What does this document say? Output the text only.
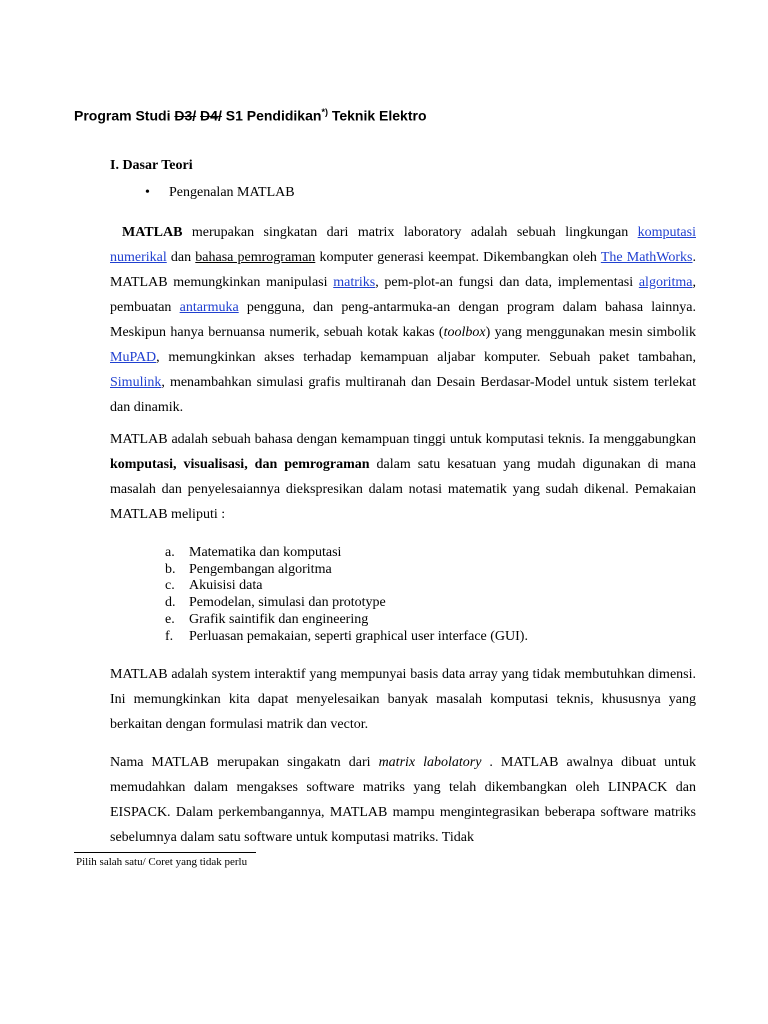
Program Studi D3/ D4/ S1 Pendidikan*) Teknik Elektro
I. Dasar Teori
• Pengenalan MATLAB

MATLAB merupakan singkatan dari matrix laboratory adalah sebuah lingkungan komputasi numerikal dan bahasa pemrograman komputer generasi keempat. Dikembangkan oleh The MathWorks. MATLAB memungkinkan manipulasi matriks, pem-plot-an fungsi dan data, implementasi algoritma, pembuatan antarmuka pengguna, dan peng-antarmuka-an dengan program dalam bahasa lainnya. Meskipun hanya bernuansa numerik, sebuah kotak kakas (toolbox) yang menggunakan mesin simbolik MuPAD, memungkinkan akses terhadap kemampuan aljabar komputer. Sebuah paket tambahan, Simulink, menambahkan simulasi grafis multiranah dan Desain Berdasar-Model untuk sistem terlekat dan dinamik.

MATLAB adalah sebuah bahasa dengan kemampuan tinggi untuk komputasi teknis. Ia menggabungkan komputasi, visualisasi, dan pemrograman dalam satu kesatuan yang mudah digunakan di mana masalah dan penyelesaiannya diekspresikan dalam notasi matematik yang sudah dikenal. Pemakaian MATLAB meliputi :

a. Matematika dan komputasi
b. Pengembangan algoritma
c. Akuisisi data
d. Pemodelan, simulasi dan prototype
e. Grafik saintifik dan engineering
f. Perluasan pemakaian, seperti graphical user interface (GUI).

MATLAB adalah system interaktif yang mempunyai basis data array yang tidak membutuhkan dimensi. Ini memungkinkan kita dapat menyelesaikan banyak masalah komputasi teknis, khususnya yang berkaitan dengan formulasi matrik dan vector.

Nama MATLAB merupakan singakatn dari matrix labolatory . MATLAB awalnya dibuat untuk memudahkan dalam mengakses software matriks yang telah dikembangkan oleh LINPACK dan EISPACK. Dalam perkembangannya, MATLAB mampu mengintegrasikan beberapa software matriks sebelumnya dalam satu software untuk komputasi matriks. Tidak

Pilih salah satu/ Coret yang tidak perlu
